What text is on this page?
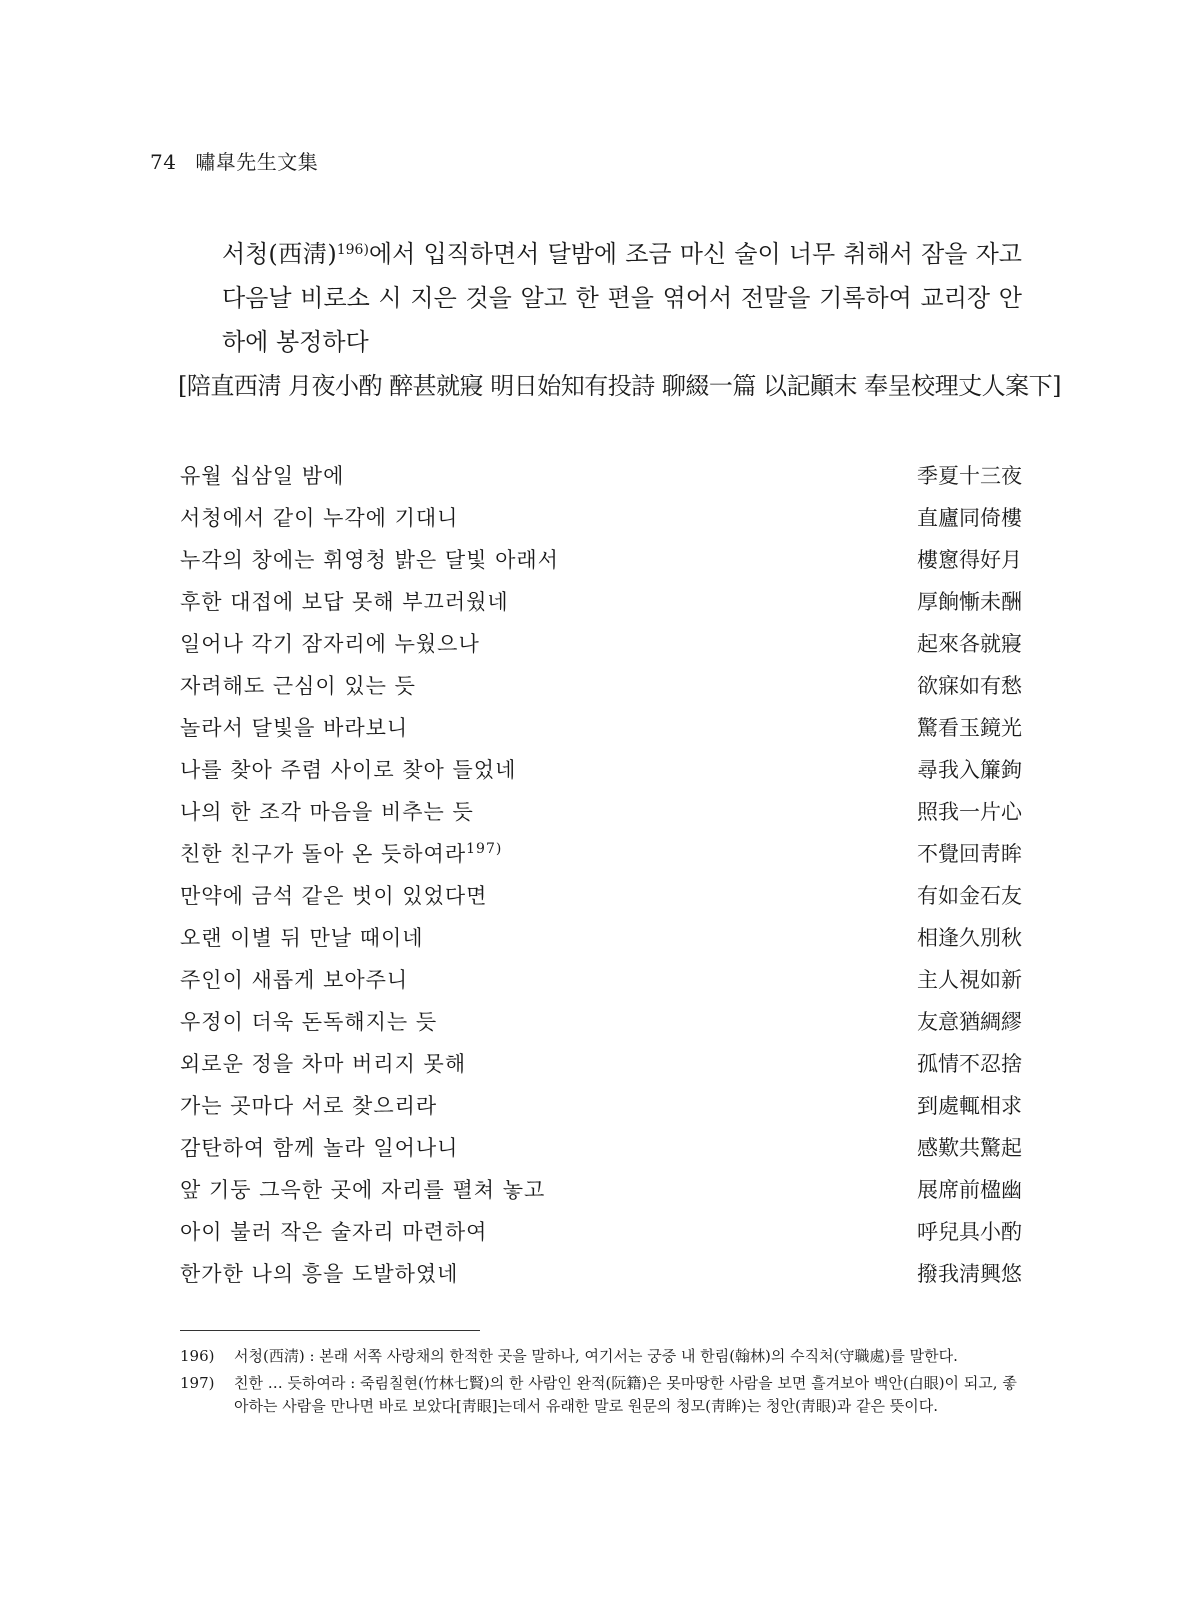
74 嘯皐先生文集
서청(西淸)$^{196)}$에서 입직하면서 달밤에 조금 마신 술이 너무 취해서 잠을 자고 다음날 비로소 시 지은 것을 알고 한 편을 엮어서 전말을 기록하여 교리장 안하에 봉정하다
[陪直西淸 月夜小酌 醉甚就寢 明日始知有投詩 聊綴一篇 以記顚末 奉呈校理丈人案下]
유월 십삼일 밤에	季夏十三夜
서청에서 같이 누각에 기대니	直廬同倚樓
누각의 창에는 휘영청 밝은 달빛 아래서	樓窻得好月
후한 대접에 보답 못해 부끄러웠네	厚餉慚未酬
일어나 각기 잠자리에 누웠으나	起來各就寢
자려해도 근심이 있는 듯	欲寐如有愁
놀라서 달빛을 바라보니	驚看玉鏡光
나를 찾아 주렴 사이로 찾아 들었네	尋我入簾鉤
나의 한 조각 마음을 비추는 듯	照我一片心
친한 친구가 돌아 온 듯하여라$^{197)}$	不覺回靑眸
만약에 금석 같은 벗이 있었다면	有如金石友
오랜 이별 뒤 만날 때이네	相逢久別秋
주인이 새롭게 보아주니	主人視如新
우정이 더욱 돈독해지는 듯	友意猶綢繆
외로운 정을 차마 버리지 못해	孤情不忍捨
가는 곳마다 서로 찾으리라	到處輒相求
감탄하여 함께 놀라 일어나니	感歎共驚起
앞 기둥 그윽한 곳에 자리를 펼쳐 놓고	展席前楹幽
아이 불러 작은 술자리 마련하여	呼兒具小酌
한가한 나의 흥을 도발하였네	撥我淸興悠
196)	서청(西淸) : 본래 서쪽 사랑채의 한적한 곳을 말하나, 여기서는 궁중 내 한림(翰林)의 수직처(守職處)를 말한다.
197)	친한 … 듯하여라 : 죽림칠현(竹林七賢)의 한 사람인 완적(阮籍)은 못마땅한 사람을 보면 흘겨보아 백안(白眼)이 되고, 좋아하는 사람을 만나면 바로 보았다[靑眼]는데서 유래한 말로 원문의 청모(靑眸)는 청안(靑眼)과 같은 뜻이다.
